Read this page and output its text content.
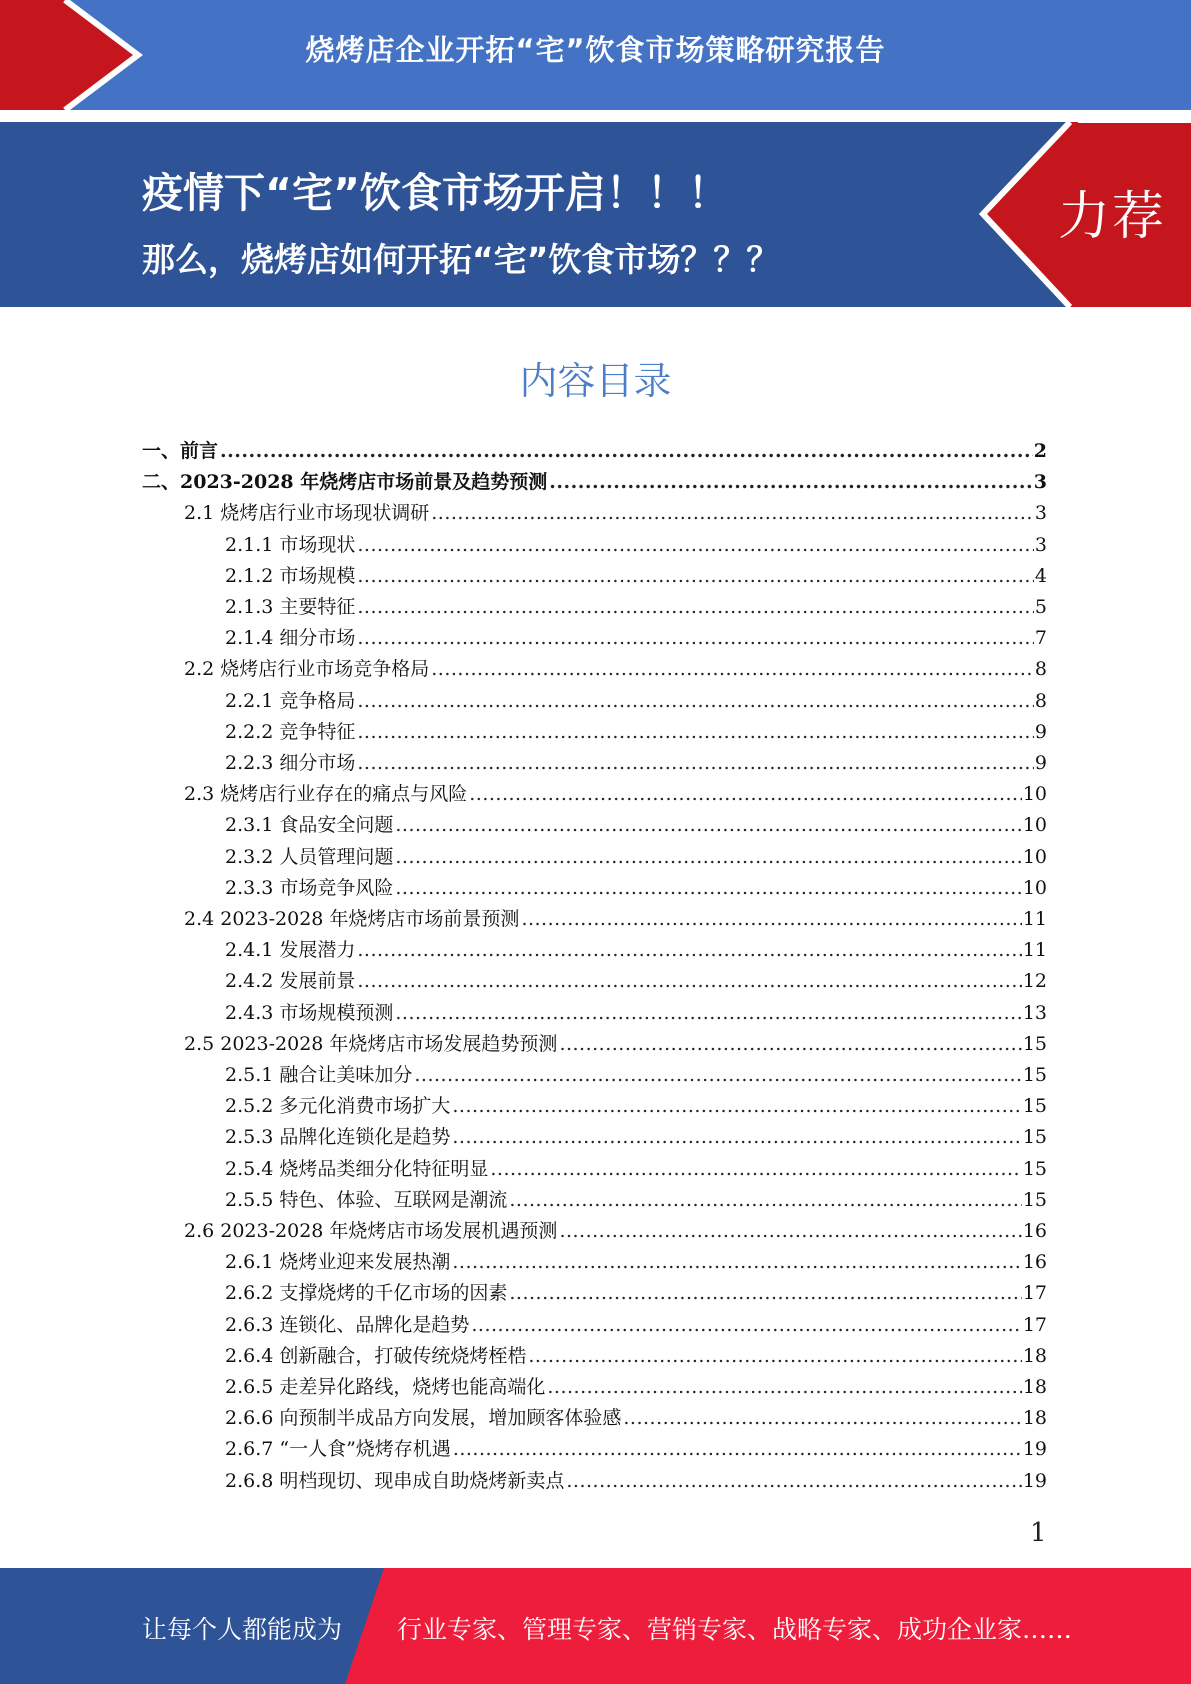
烧烤店企业开拓“宅”饮食市场策略研究报告
疫情下“宅”饮食市场开启！！！
那么，烧烤店如何开拓“宅”饮食市场？？？
力荐
内容目录
一、前言 .....	2
二、2023-2028 年烧烤店市场前景及趋势预测 .....	3
2.1 烧烤店行业市场现状调研 .....	3
2.1.1 市场现状 .....	3
2.1.2 市场规模 .....	4
2.1.3 主要特征 .....	5
2.1.4 细分市场 .....	7
2.2 烧烤店行业市场竞争格局 .....	8
2.2.1 竞争格局 .....	8
2.2.2 竞争特征 .....	9
2.2.3 细分市场 .....	9
2.3 烧烤店行业存在的痛点与风险 .....	10
2.3.1 食品安全问题 .....	10
2.3.2 人员管理问题 .....	10
2.3.3 市场竞争风险 .....	10
2.4 2023-2028 年烧烤店市场前景预测 .....	11
2.4.1 发展潜力 .....	11
2.4.2 发展前景 .....	12
2.4.3 市场规模预测 .....	13
2.5 2023-2028 年烧烤店市场发展趋势预测 .....	15
2.5.1 融合让美味加分 .....	15
2.5.2 多元化消费市场扩大 .....	15
2.5.3 品牌化连锁化是趋势 .....	15
2.5.4 烧烤品类细分化特征明显 .....	15
2.5.5 特色、体验、互联网是潮流 .....	15
2.6 2023-2028 年烧烤店市场发展机遇预测 .....	16
2.6.1 烧烤业迎来发展热潮 .....	16
2.6.2 支撑烧烤的千亿市场的因素 .....	17
2.6.3 连锁化、品牌化是趋势 .....	17
2.6.4 创新融合，打破传统烧烤桎梏 .....	18
2.6.5 走差异化路线，烧烤也能高端化 .....	18
2.6.6 向预制半成品方向发展，增加顾客体验感 .....	18
2.6.7 “一人食”烧烤存机遇 .....	19
2.6.8 明档现切、现串成自助烧烤新卖点 .....	19
1
让每个人都能成为 行业专家、管理专家、营销专家、战略专家、成功企业家……
